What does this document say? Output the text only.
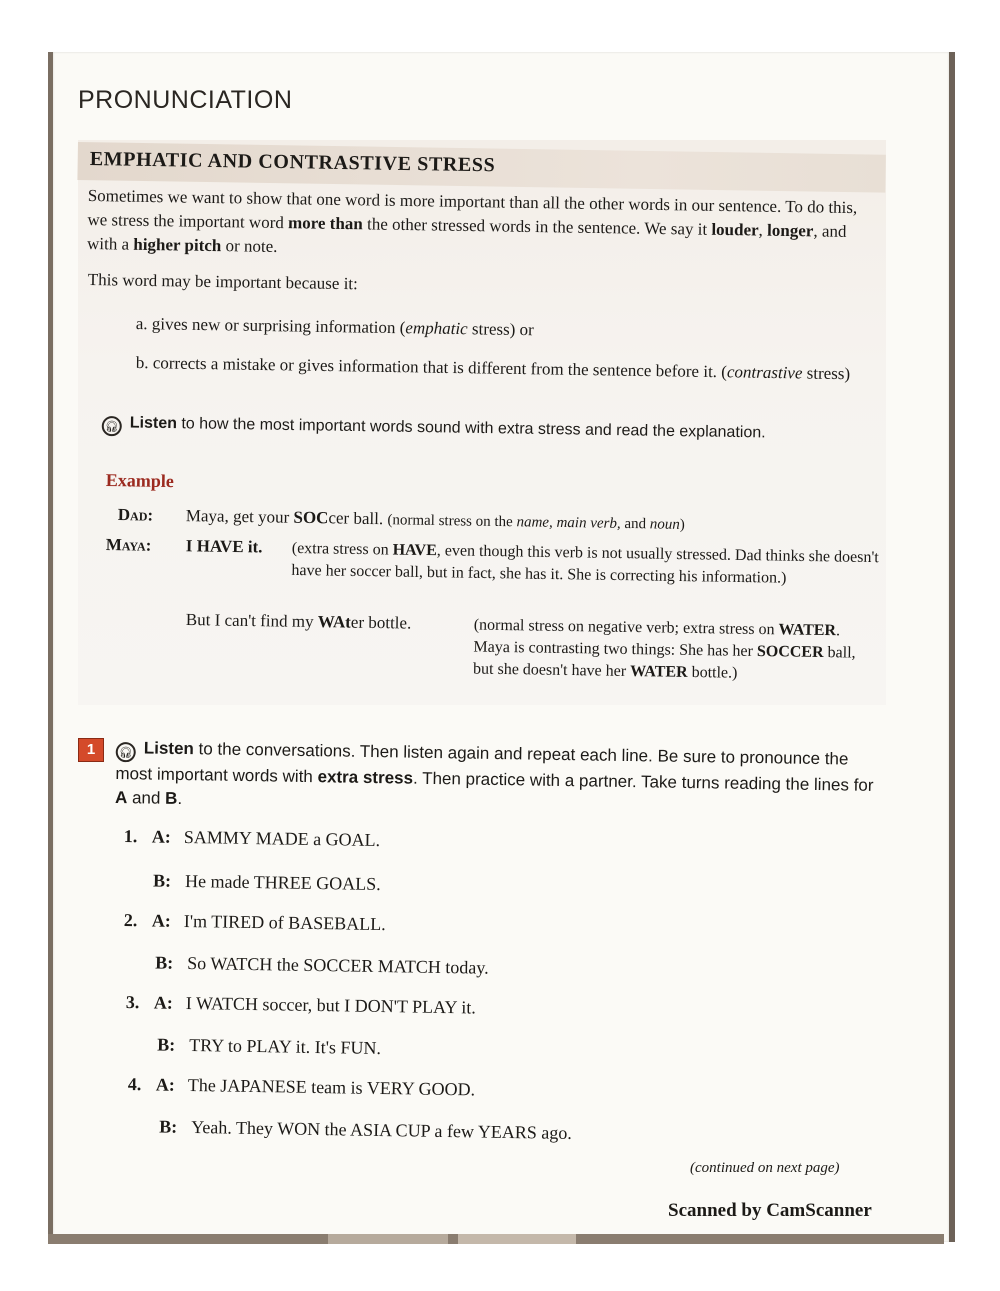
PRONUNCIATION
EMPHATIC AND CONTRASTIVE STRESS
Sometimes we want to show that one word is more important than all the other words in our sentence. To do this, we stress the important word more than the other stressed words in the sentence. We say it louder, longer, and with a higher pitch or note.
This word may be important because it:
a. gives new or surprising information (emphatic stress) or
b. corrects a mistake or gives information that is different from the sentence before it. (contrastive stress)
🎧︎ Listen to how the most important words sound with extra stress and read the explanation.
Example
Dad: Maya, get your SOCcer ball. (normal stress on the name, main verb, and noun)
Maya: I HAVE it. (extra stress on HAVE, even though this verb is not usually stressed. Dad thinks she doesn't have her soccer ball, but in fact, she has it. She is correcting his information.)
But I can't find my WAter bottle.	(normal stress on negative verb; extra stress on WATER. Maya is contrasting two things: She has her SOCCER ball, but she doesn't have her WATER bottle.)
1	🎧︎ Listen to the conversations. Then listen again and repeat each line. Be sure to pronounce the most important words with extra stress. Then practice with a partner. Take turns reading the lines for A and B.
1. A: SAMMY MADE a GOAL.
B: He made THREE GOALS.
2. A: I'm TIRED of BASEBALL.
B: So WATCH the SOCCER MATCH today.
3. A: I WATCH soccer, but I DON'T PLAY it.
B: TRY to PLAY it. It's FUN.
4. A: The JAPANESE team is VERY GOOD.
B: Yeah. They WON the ASIA CUP a few YEARS ago.
(continued on next page)
Scanned by CamScanner
